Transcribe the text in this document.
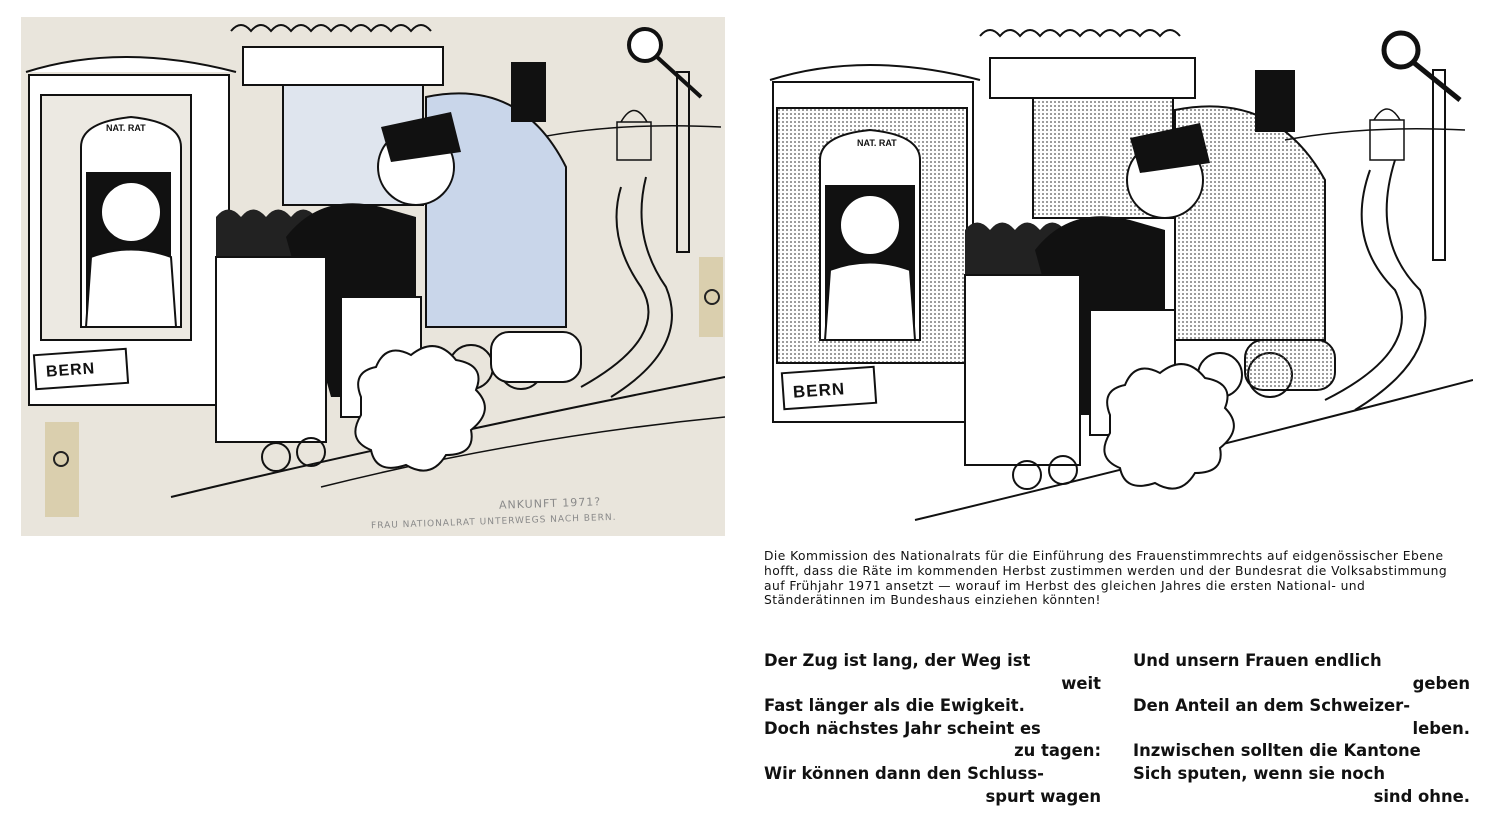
NAT. RAT
BERN
ANKUNFT 1971?
FRAU NATIONALRAT UNTERWEGS NACH BERN.
NAT. RAT
BERN
Die Kommission des Nationalrats für die Einführung des Frauenstimmrechts auf eidgenössischer Ebene hofft, dass die Räte im kommenden Herbst zustimmen werden und der Bundesrat die Volksabstimmung auf Frühjahr 1971 ansetzt — worauf im Herbst des gleichen Jahres die ersten National- und Ständerätinnen im Bundeshaus einziehen könnten!
Der Zug ist lang, der Weg ist
weit
Fast länger als die Ewigkeit.
Doch nächstes Jahr scheint es
zu tagen:
Wir können dann den Schluss-
spurt wagen
Und unsern Frauen endlich
geben
Den Anteil an dem Schweizer-
leben.
Inzwischen sollten die Kantone
Sich sputen, wenn sie noch
sind ohne.
